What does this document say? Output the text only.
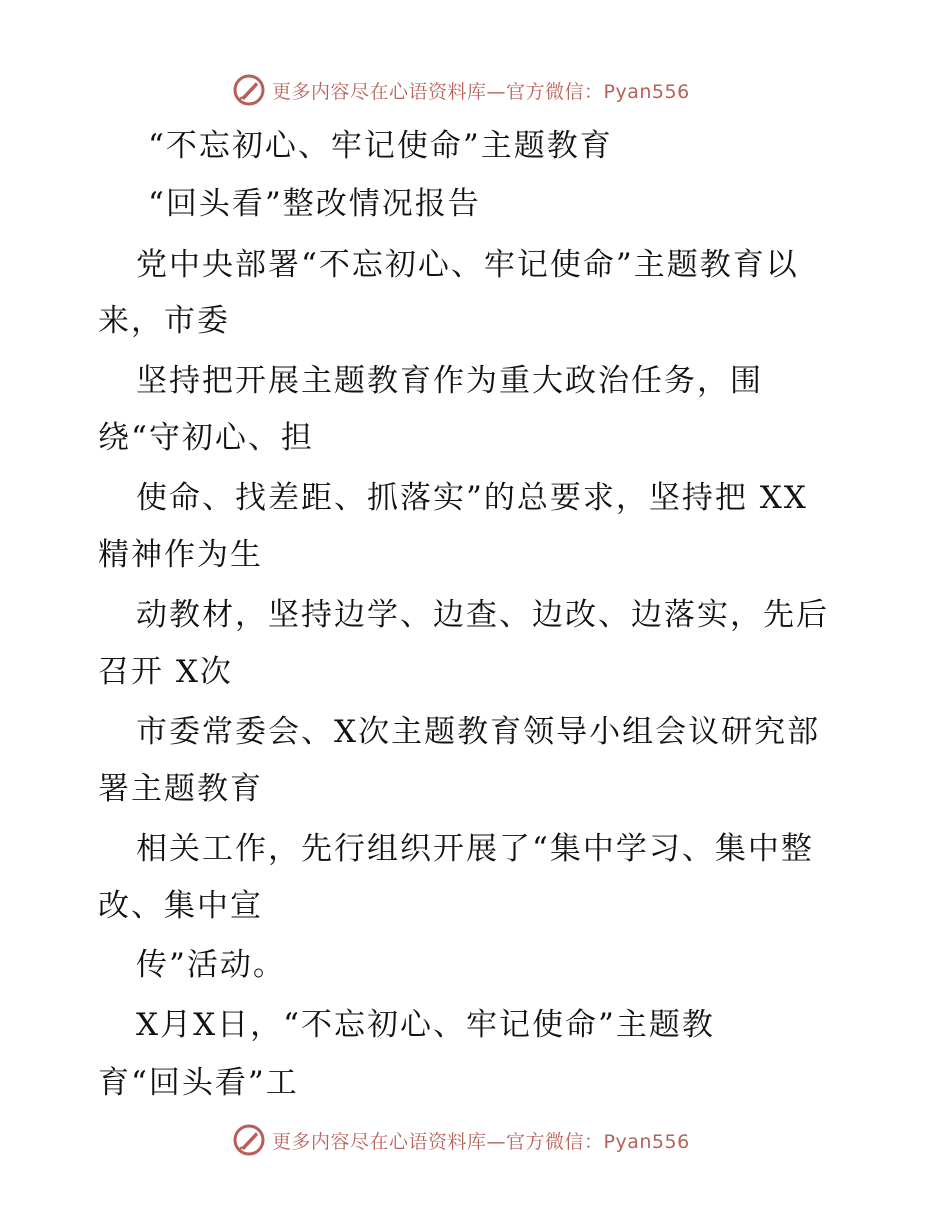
更多内容尽在心语资料库—官方微信：Pyan556
“不忘初心、牢记使命”主题教育
“回头看”整改情况报告
党中央部署“不忘初心、牢记使命”主题教育以
来，市委
坚持把开展主题教育作为重大政治任务，围
绕“守初心、担
使命、找差距、抓落实”的总要求，坚持把 XX
精神作为生
动教材，坚持边学、边查、边改、边落实，先后
召开 X次
市委常委会、X次主题教育领导小组会议研究部
署主题教育
相关工作，先行组织开展了“集中学习、集中整
改、集中宣
传”活动。
X月X日，“不忘初心、牢记使命”主题教
育“回头看”工
更多内容尽在心语资料库—官方微信：Pyan556
